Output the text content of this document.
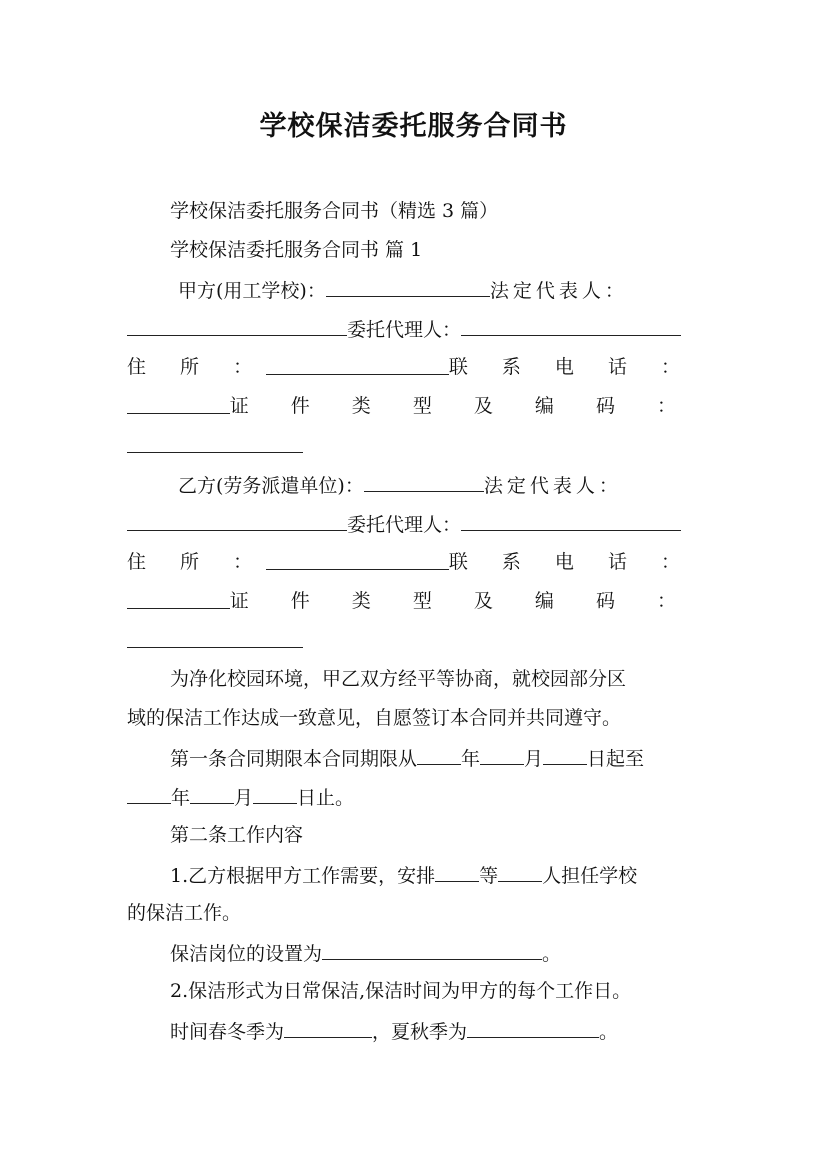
学校保洁委托服务合同书
学校保洁委托服务合同书（精选 3 篇）
学校保洁委托服务合同书 篇 1
甲方(用工学校)：	法定代表人：
委托代理人：
住 所 ：	联 系 电 话 ：
证 件 类 型 及 编 码 ：
乙方(劳务派遣单位)：	法定代表人：
委托代理人：
住 所 ：	联 系 电 话 ：
证 件 类 型 及 编 码 ：
为净化校园环境，甲乙双方经平等协商，就校园部分区
域的保洁工作达成一致意见，自愿签订本合同并共同遵守。
第一条合同期限本合同期限从 年 月 日起至
年 月 日止。
第二条工作内容
1.乙方根据甲方工作需要，安排 等 人担任学校
的保洁工作。
保洁岗位的设置为	。
2.保洁形式为日常保洁,保洁时间为甲方的每个工作日。
时间春冬季为	，夏秋季为	。
